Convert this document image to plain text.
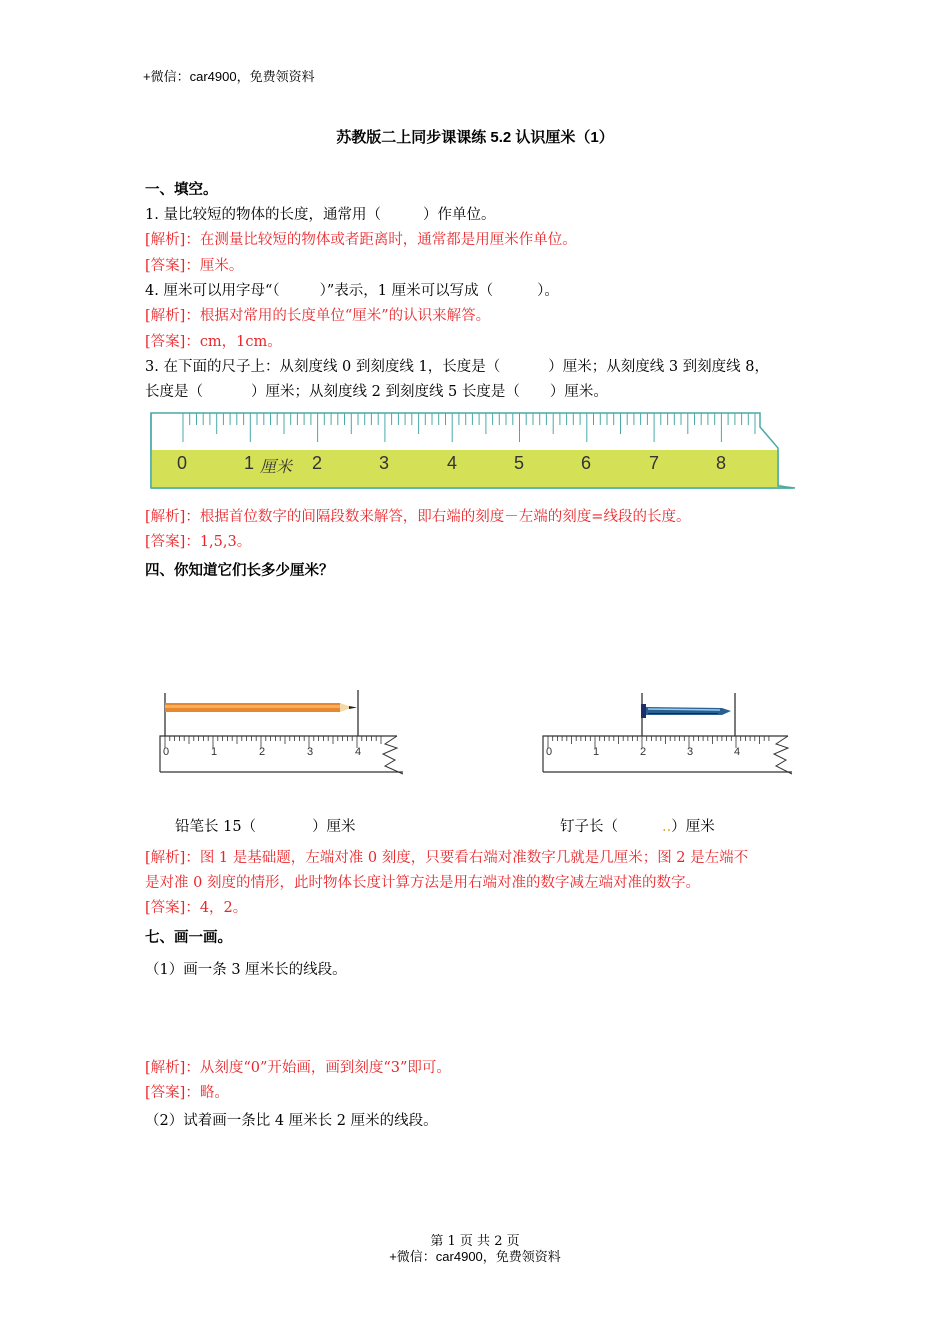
+微信：car4900，免费领资料
苏教版二上同步课课练 5.2 认识厘米（1）
一、填空。
1. 量比较短的物体的长度，通常用（	）作单位。
[解析]：在测量比较短的物体或者距离时，通常都是用厘米作单位。
[答案]：厘米。
4. 厘米可以用字母“（	）”表示，1 厘米可以写成（	）。
[解析]：根据对常用的长度单位“厘米”的认识来解答。
[答案]：cm，1cm。
3. 在下面的尺子上：从刻度线 0 到刻度线 1，长度是（	）厘米；从刻度线 3 到刻度线 8，
长度是（	）厘米；从刻度线 2 到刻度线 5 长度是（ ）厘米。
0	1 厘米 2	3	4	5	6	7	8
[解析]：根据首位数字的间隔段数来解答，即右端的刻度－左端的刻度=线段的长度。
[答案]：1,5,3。
四、你知道它们长多少厘米？
0	1	2	3	4	0	1	2	3	4
铅笔长 15（	）厘米	钉子长（	..）厘米
[解析]：图 1 是基础题，左端对准 0 刻度，只要看右端对准数字几就是几厘米；图 2 是左端不
是对准 0 刻度的情形，此时物体长度计算方法是用右端对准的数字减左端对准的数字。
[答案]：4，2。
七、画一画。
（1）画一条 3 厘米长的线段。
[解析]：从刻度“0”开始画，画到刻度“3”即可。
[答案]：略。
（2）试着画一条比 4 厘米长 2 厘米的线段。
第 1 页 共 2 页
+微信：car4900，免费领资料
